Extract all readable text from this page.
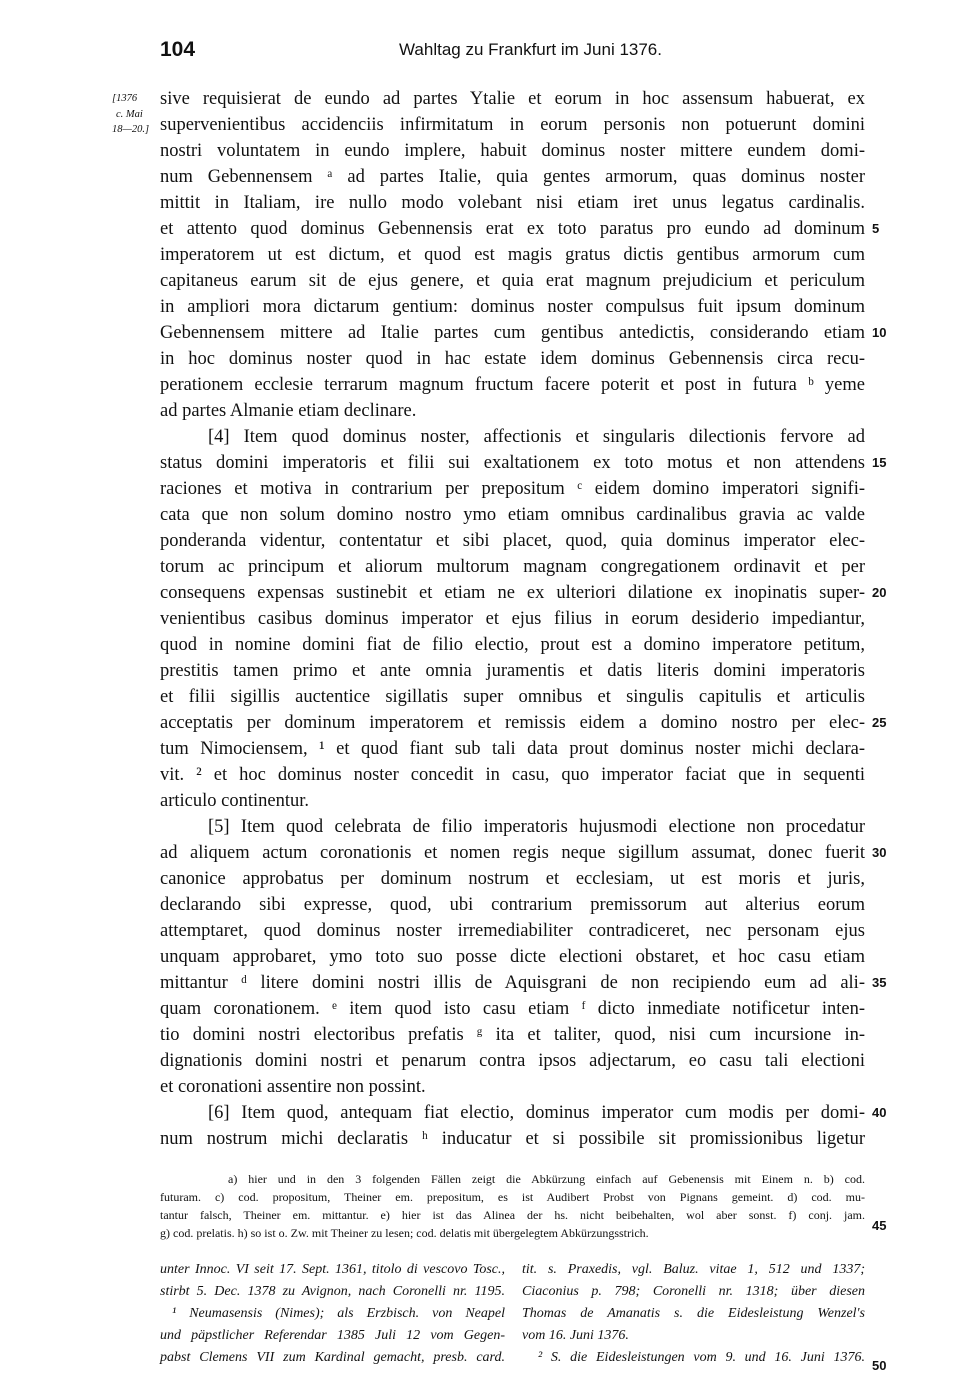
104	Wahltag zu Frankfurt im Juni 1376.
[1376
c. Mai
18—20.]
sive requisierat de eundo ad partes Ytalie et eorum in hoc assensum habuerat, ex
supervenientibus accidenciis infirmitatum in eorum personis non potuerunt domini
nostri voluntatem in eundo implere, habuit dominus noster mittere eundem domi-
num Gebennensem ᵃ ad partes Italie, quia gentes armorum, quas dominus noster
mittit in Italiam, ire nullo modo volebant nisi etiam iret unus legatus cardinalis.
et attento quod dominus Gebennensis erat ex toto paratus pro eundo ad dominum
imperatorem ut est dictum, et quod est magis gratus dictis gentibus armorum cum
capitaneus earum sit de ejus genere, et quia erat magnum prejudicium et periculum
in ampliori mora dictarum gentium: dominus noster compulsus fuit ipsum dominum
Gebennensem mittere ad Italie partes cum gentibus antedictis, considerando etiam
in hoc dominus noster quod in hac estate idem dominus Gebennensis circa recu-
perationem ecclesie terrarum magnum fructum facere poterit et post in futura ᵇ yeme
ad partes Almanie etiam declinare.
[4] Item quod dominus noster, affectionis et singularis dilectionis fervore ad
status domini imperatoris et filii sui exaltationem ex toto motus et non attendens
raciones et motiva in contrarium per prepositum ᶜ eidem domino imperatori signifi-
cata que non solum domino nostro ymo etiam omnibus cardinalibus gravia ac valde
ponderanda videntur, contentatur et sibi placet, quod, quia dominus imperator elec-
torum ac principum et aliorum multorum magnam congregationem ordinavit et per
consequens expensas sustinebit et etiam ne ex ulteriori dilatione ex inopinatis super-
venientibus casibus dominus imperator et ejus filius in eorum desiderio impediantur,
quod in nomine domini fiat de filio electio, prout est a domino imperatore petitum,
prestitis tamen primo et ante omnia juramentis et datis literis domini imperatoris
et filii sigillis auctentice sigillatis super omnibus et singulis capitulis et articulis
acceptatis per dominum imperatorem et remissis eidem a domino nostro per elec-
tum Nimociensem, ¹ et quod fiant sub tali data prout dominus noster michi declara-
vit. ² et hoc dominus noster concedit in casu, quo imperator faciat que in sequenti
articulo continentur.
[5] Item quod celebrata de filio imperatoris hujusmodi electione non procedatur
ad aliquem actum coronationis et nomen regis neque sigillum assumat, donec fuerit
canonice approbatus per dominum nostrum et ecclesiam, ut est moris et juris,
declarando sibi expresse, quod, ubi contrarium premissorum aut alterius eorum
attemptaret, quod dominus noster irremediabiliter contradiceret, nec personam ejus
unquam approbaret, ymo toto suo posse dicte electioni obstaret, et hoc casu etiam
mittantur ᵈ litere domini nostri illis de Aquisgrani de non recipiendo eum ad ali-
quam coronationem. ᵉ item quod isto casu etiam ᶠ dicto inmediate notificetur inten-
tio domini nostri electoribus prefatis ᵍ ita et taliter, quod, nisi cum incursione in-
dignationis domini nostri et penarum contra ipsos adjectarum, eo casu tali electioni
et coronationi assentire non possint.
[6] Item quod, antequam fiat electio, dominus imperator cum modis per domi-
num nostrum michi declaratis ʰ inducatur et si possibile sit promissionibus ligetur
5
10
15
20
25
30
35
40
45
50
a) hier und in den 3 folgenden Fällen zeigt die Abkürzung einfach auf Gebenensis mit Einem n. b) cod.
futuram. c) cod. propositum, Theiner em. prepositum, es ist Audibert Probst von Pignans gemeint. d) cod. mu-
tantur falsch, Theiner em. mittantur. e) hier ist das Alinea der hs. nicht beibehalten, wol aber sonst. f) conj. jam.
g) cod. prelatis. h) so ist o. Zw. mit Theiner zu lesen; cod. delatis mit übergelegtem Abkürzungsstrich.
unter Innoc. VI seit 17. Sept. 1361, titolo di vescovo Tosc.,
stirbt 5. Dec. 1378 zu Avignon, nach Coronelli nr. 1195.
¹ Neumasensis (Nimes); als Erzbisch. von Neapel
und päpstlicher Referendar 1385 Juli 12 vom Gegen-
pabst Clemens VII zum Kardinal gemacht, presb. card.
tit. s. Praxedis, vgl. Baluz. vitae 1, 512 und 1337;
Ciaconius p. 798; Coronelli nr. 1318; über diesen
Thomas de Amanatis s. die Eidesleistung Wenzel's
vom 16. Juni 1376.
² S. die Eidesleistungen vom 9. und 16. Juni 1376.
